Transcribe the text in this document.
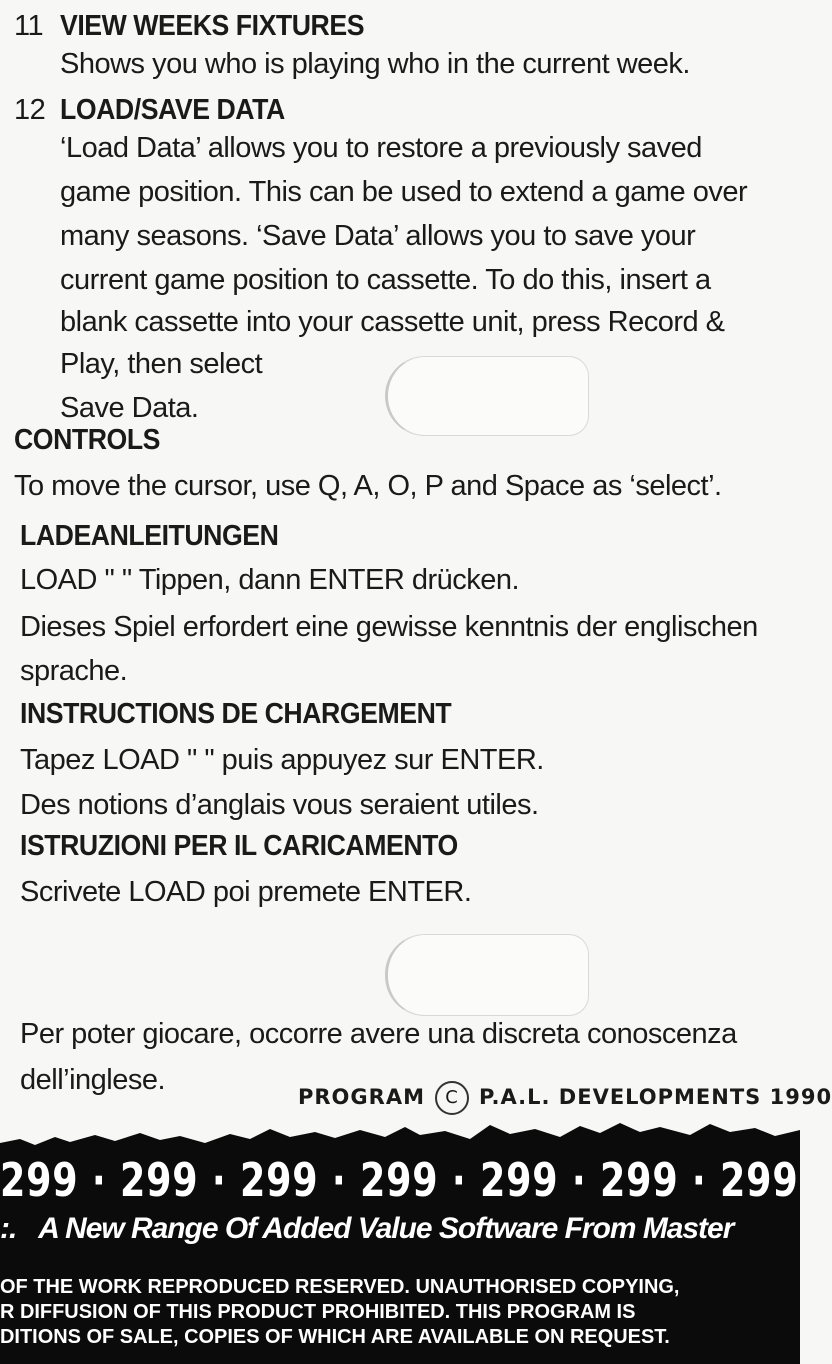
11 VIEW WEEKS FIXTURES
Shows you who is playing who in the current week.
12 LOAD/SAVE DATA
‘Load Data’ allows you to restore a previously saved
game position. This can be used to extend a game over
many seasons. ‘Save Data’ allows you to save your
current game position to cassette. To do this, insert a
blank cassette into your cassette unit, press Record &
Play, then select
Save Data.
CONTROLS
To move the cursor, use Q, A, O, P and Space as ‘select’.
LADEANLEITUNGEN
LOAD " " Tippen, dann ENTER drücken.
Dieses Spiel erfordert eine gewisse kenntnis der englischen
sprache.
INSTRUCTIONS DE CHARGEMENT
Tapez LOAD " " puis appuyez sur ENTER.
Des notions d’anglais vous seraient utiles.
ISTRUZIONI PER IL CARICAMENTO
Scrivete LOAD poi premete ENTER.
Per poter giocare, occorre avere una discreta conoscenza
dell’inglese.
PROGRAM C P.A.L. DEVELOPMENTS 1990
299 · 299 · 299 · 299 · 299 · 299 · 299
:. A New Range Of Added Value Software From Master
OF THE WORK REPRODUCED RESERVED. UNAUTHORISED COPYING,
R DIFFUSION OF THIS PRODUCT PROHIBITED. THIS PROGRAM IS
DITIONS OF SALE, COPIES OF WHICH ARE AVAILABLE ON REQUEST.
